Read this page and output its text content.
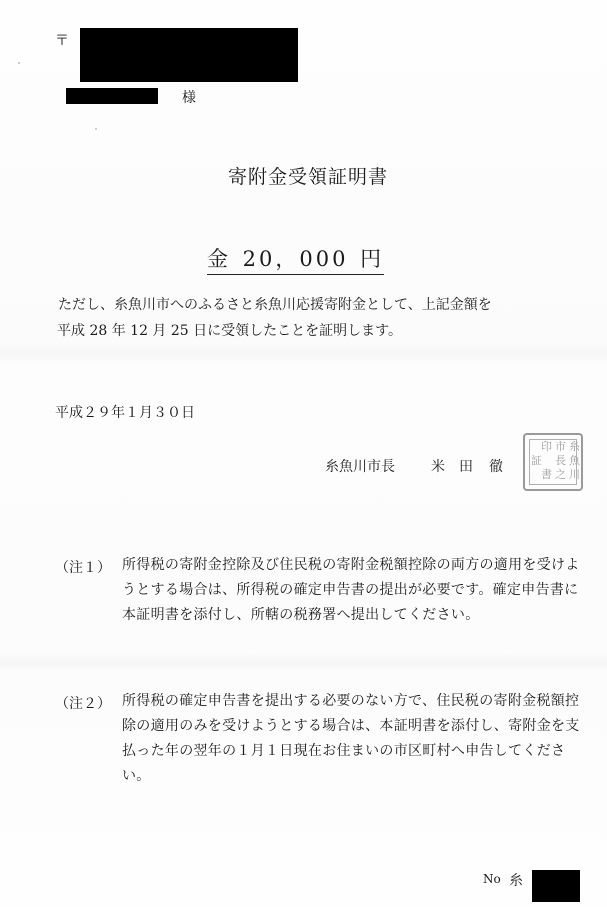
〒
様
寄附金受領証明書
金 20，000 円
ただし、糸魚川市へのふるさと糸魚川応援寄附金として、上記金額を
平成 28 年 12 月 25 日に受領したことを証明します。
平成２９年１月３０日
糸魚川市長	米　田 徹
糸
魚
川
市
長
之
印
証
書
（注１） 所得税の寄附金控除及び住民税の寄附金税額控除の両方の適用を受けようとする場合は、所得税の確定申告書の提出が必要です。確定申告書に本証明書を添付し、所轄の税務署へ提出してください。
（注２） 所得税の確定申告書を提出する必要のない方で、住民税の寄附金税額控除の適用のみを受けようとする場合は、本証明書を添付し、寄附金を支払った年の翌年の１月１日現在お住まいの市区町村へ申告してください。
No 糸
